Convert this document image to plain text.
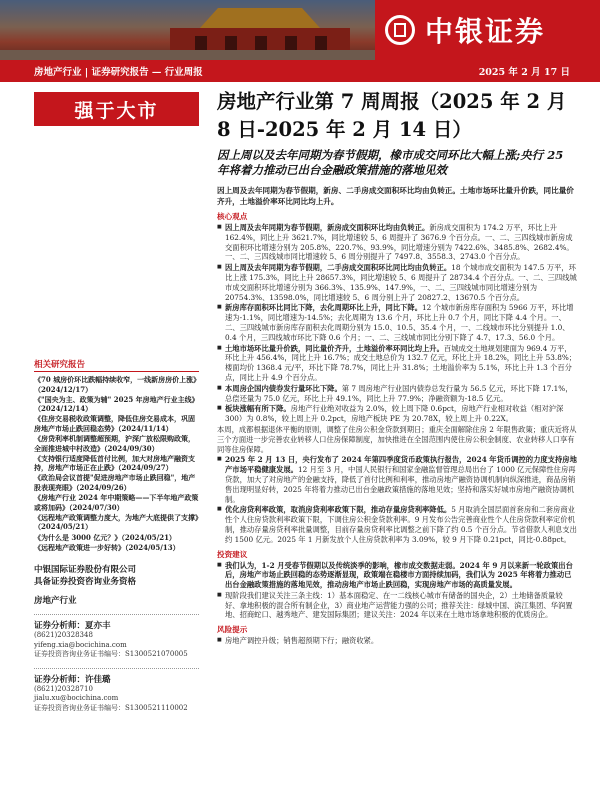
中银证券
房地产行业 | 证券研究报告 — 行业周报	2025 年 2 月 17 日
强于大市
相关研究报告
《70 城房价环比跌幅持续收窄，一线新房房价上涨》（2024/12/17）
《"国央为主、政策为辅" 2025 年房地产行业主线》（2024/12/14）
《住房交易税收政策调整，降低住房交易成本，巩固房地产市场止跌回稳态势》（2024/11/14）
《房贷利率机制调整超预期，沪深广放松限购政策，全面推进城中村改造》（2024/09/30）
《支持银行适度降低首付比例，加大对房地产融资支持，房地产市场正在止跌》（2024/09/27）
《政治局会议首提"促进房地产市场止跌回稳"，地产股表现亮眼》（2024/09/26）
《房地产行业 2024 年中期策略——下半年地产政策或将加码》（2024/07/30）
《远程地产政策调整力度大，为地产大底提供了支撑》（2024/05/21）
《为什么是 3000 亿元？》（2024/05/21）
《远程地产政策进一步好转》（2024/05/13）
中银国际证券股份有限公司
具备证券投资咨询业务资格
房地产行业
证券分析师：夏亦丰
(8621)20328348
yifeng.xia@bocichina.com
证券投资咨询业务证书编号：S1300521070005
证券分析师：许佳璐
(8621)20328710
jialu.xu@bocichina.com
证券投资咨询业务证书编号：S1300521110002
房地产行业第 7 周周报（2025 年 2 月 8 日-2025 年 2 月 14 日）
因上周以及去年同期为春节假期，橡市成交同环比大幅上涨;央行 25 年将着力推动已出台金融政策措施的落地见效
因上周及去年同期为春节假期，新房、二手房成交面积环比均由负转正。土地市场环比量升价跌，同比量价齐升，土地溢价率环比同比均上升。
核心观点
■ 因上周及去年同期为春节假期，新房成交面积环比均由负转正。新房成交面积为 174.2 万平，环比上升 162.4%，同比上升 3621.7%，同比增速较 5、6 周提升了 3676.9 个百分点。一、二、三四线城市新房成交面积环比增速分别为 205.8%、220.7%、93.9%，同比增速分别为 7422.6%、3485.8%、2682.4%。一、二、三四线城市同比增速较 5、6 周分别提升了 7497.8、3558.3、2743.0 个百分点。
■ 因上周及去年同期为春节假期，二手房成交面积环比同比均由负转正。18 个城市成交面积为 147.5 万平，环比上涨 175.3%，同比上升 28657.3%，同比增速较 5、6 周提升了 28734.4 个百分点。一、二、三四线城市成交面积环比增速分别为 366.3%、135.9%、147.9%，一、二、三四线城市同比增速分别为 20754.3%、13598.0%，同比增速较 5、6 周分别上升了 20827.2、13670.5 个百分点。
■ 新房库存面积环比同比下降，去化周期环比上升，同比下降。12 个城市新房库存面积为 5966 万平，环比增速为-1.1%，同比增速为-14.5%；去化周期为 13.6 个月，环比上升 0.7 个月，同比下降 4.4 个月。一、二、三四线城市新房库存面积去化周期分别为 15.0、10.5、35.4 个月，一、二线城市环比分别提升 1.0、0.4 个月，三四线城市环比下降 0.6 个月；一、二、三线城市同比分别下降了 4.7、17.3、56.0 个月。
■ 土地市场环比量升价跌，同比量价齐升，土地溢价率环同比均上升。百城成交土地规划建面为 969.4 万平，环比上升 456.4%，同比上升 16.7%；成交土地总价为 132.7 亿元，环比上升 18.2%，同比上升 53.8%；楼面均价 1368.4 元/平，环比下降 78.7%，同比上升 31.8%；土地溢价率为 5.1%，环比上升 1.3 个百分点，同比上升 4.9 个百分点。
■ 本周房企国内债券发行量环比下降。第 7 周房地产行业国内债券总发行量为 56.5 亿元，环比下降 17.1%，总偿还量为 75.0 亿元，环比上升 49.1%，同比上升 77.9%；净融资额为-18.5 亿元。
■ 板块涨幅有所下降。房地产行业绝对收益为 2.0%，较上周下降 0.6pct，房地产行业相对收益（相对沪深 300）为 0.8%，较上周上升 0.2pct，房地产板块 PE 为 20.78X，较上周上升 0.22X。
本周，成都根据退休平衡的原则，调整了住房公积金贷款到期日；重庆全面解除住房 2 年限售政策；重庆近将从三个方面进一步完善农业转移人口住房保障制度，加快推进在全国范围内使住房公积金制度、农业转移人口享有同等住房保障。
■ 2025 年 2 月 13 日，央行发布了 2024 年第四季度货币政策执行报告，2024 年货币调控的力度支持房地产市场平稳健康发展。12 月至 3 月，中国人民银行和国家金融监督管理总局出台了 1000 亿元保障性住房再贷款，加大了对房地产的金融支持，降低了首付比例和利率，推动房地产融资协调机制向纵深推进，商品房销售出现明显好转，2025 年将着力推动已出台金融政策措施的落地见效；坚持和落实好城市房地产融资协调机制。
■ 优化房贷利率政策，取消房贷利率政策下限，推动存量房贷利率降低。5 月取消全国层面首套房和二套房商业性个人住房贷款利率政策下限，下调住房公积金贷款利率。9 月发布公告完善商业性个人住房贷款利率定价机制，推动存量房贷利率批量调整，目前存量房贷利率比调整之前下降了约 0.5 个百分点。节省借款人利息支出约 1500 亿元。2025 年 1 月新发放个人住房贷款利率为 3.09%，较 9 月下降 0.21pct，同比-0.88pct。
投资建议
■ 我们认为，1-2 月受春节假期以及传统淡季的影响，橡市成交数据走弱。2024 年 9 月以来新一轮政策出台后，房地产市场止跌回稳的态势逐渐显现，政策端在稳楼市方面持续加码，我们认为 2025 年将着力推动已出台金融政策措施的落地见效，推动房地产市场止跌回稳，实现房地产市场的高质量发展。
■ 现阶段我们建议关注三条主线：1）基本面稳定、在一二线核心城市有储备的国央企，2）土地储备质量较好、拿地积极的混合所有制企业，3）商业地产运营能力强的公司；推荐关注：绿城中国、滨江集团、华润置地、招商蛇口、越秀地产、建发国际集团；建议关注：2024 年以来在土地市场拿地积极的优质房企。
风险提示
■ 房地产调控升级；销售超预期下行；融资收紧。
